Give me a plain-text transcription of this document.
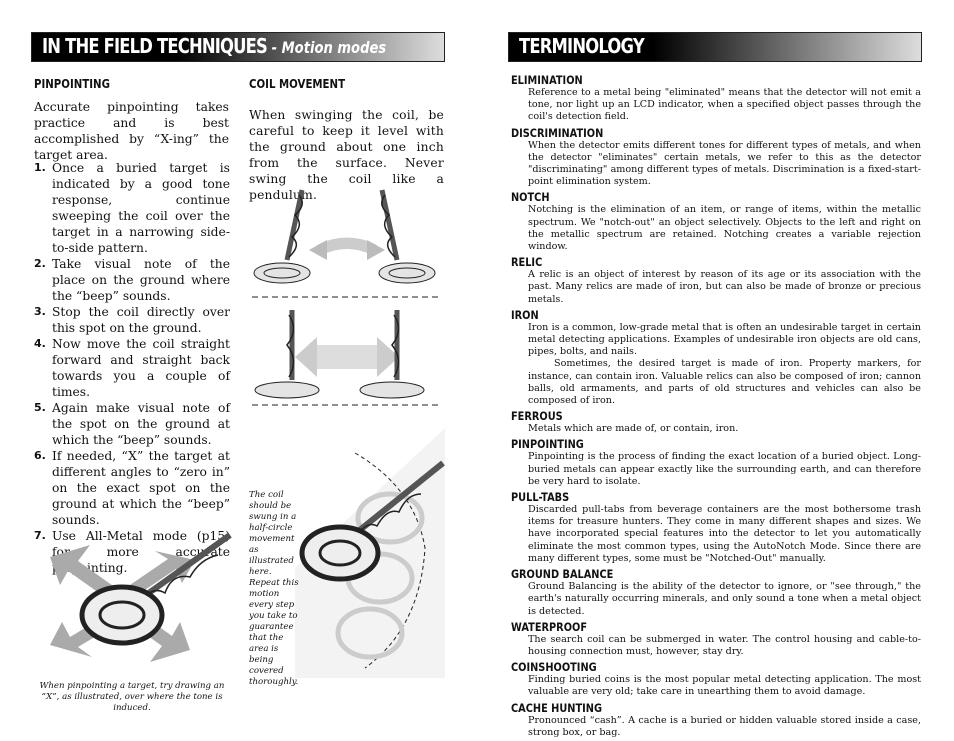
IN THE FIELD TECHNIQUES - Motion modes	TERMINOLOGY
PINPOINTING
Accurate pinpointing takes practice and is best accomplished by “X-ing” the target area.
1. Once a buried target is indicated by a good tone response, continue sweeping the coil over the target in a narrowing side-to-side pattern.
2. Take visual note of the place on the ground where the “beep” sounds.
3. Stop the coil directly over this spot on the ground.
4. Now move the coil straight forward and straight back towards you a couple of times.
5. Again make visual note of the spot on the ground at which the “beep” sounds.
6. If needed, “X” the target at different angles to “zero in” on the exact spot on the ground at which the “beep” sounds.
7. Use All-Metal mode (p15) for more accurate pinpointing.
COIL MOVEMENT
When swinging the coil, be careful to keep it level with the ground about one inch from the surface. Never swing the coil like a pendulum.
The coil should be swung in a half-circle movement as illustrated here. Repeat this motion every step you take to guarantee that the area is being covered thoroughly.
When pinpointing a target, try drawing an “X”, as illustrated, over where the tone is induced.
ELIMINATION

Reference to a metal being "eliminated" means that the detector will not emit a tone, nor light up an LCD indicator, when a specified object passes through the coil's detection field.

DISCRIMINATION

When the detector emits different tones for different types of metals, and when the detector "eliminates" certain metals, we refer to this as the detector "discriminating" among different types of metals. Discrimination is a fixed-start-point elimination system.

NOTCH

Notching is the elimination of an item, or range of items, within the metallic spectrum. We "notch-out" an object selectively. Objects to the left and right on the metallic spectrum are retained. Notching creates a variable rejection window.

RELIC

A relic is an object of interest by reason of its age or its association with the past. Many relics are made of iron, but can also be made of bronze or precious metals.

IRON

Iron is a common, low-grade metal that is often an undesirable target in certain metal detecting applications. Examples of undesirable iron objects are old cans, pipes, bolts, and nails.

Sometimes, the desired target is made of iron. Property markers, for instance, can contain iron. Valuable relics can also be composed of iron; cannon balls, old armaments, and parts of old structures and vehicles can also be composed of iron.

FERROUS

Metals which are made of, or contain, iron.

PINPOINTING

Pinpointing is the process of finding the exact location of a buried object. Long-buried metals can appear exactly like the surrounding earth, and can therefore be very hard to isolate.

PULL-TABS

Discarded pull-tabs from beverage containers are the most bothersome trash items for treasure hunters. They come in many different shapes and sizes. We have incorporated special features into the detector to let you automatically eliminate the most common types, using the AutoNotch Mode. Since there are many different types, some must be "Notched-Out" manually.

GROUND BALANCE

Ground Balancing is the ability of the detector to ignore, or "see through," the earth's naturally occurring minerals, and only sound a tone when a metal object is detected.

WATERPROOF

The search coil can be submerged in water. The control housing and cable-to-housing connection must, however, stay dry.

COINSHOOTING

Finding buried coins is the most popular metal detecting application. The most valuable are very old; take care in unearthing them to avoid damage.

CACHE HUNTING

Pronounced “cash”. A cache is a buried or hidden valuable stored inside a case, strong box, or bag.
